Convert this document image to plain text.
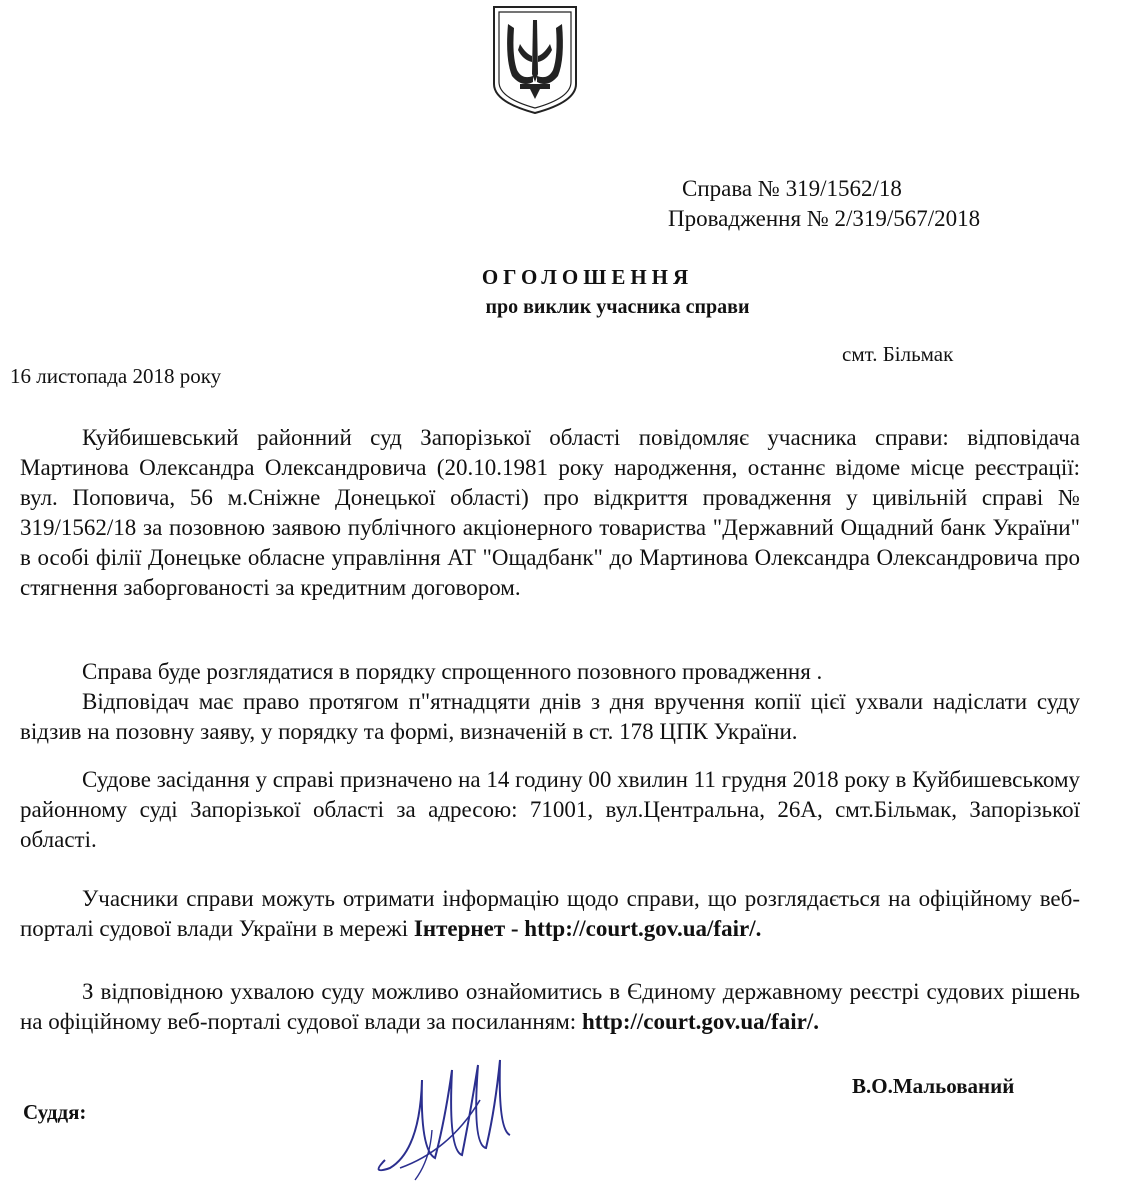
Справа № 319/1562/18
Провадження № 2/319/567/2018
ОГОЛОШЕННЯ
про виклик учасника справи
16 листопада 2018 року
смт. Більмак

Куйбишевський районний суд Запорізької області повідомляє учасника справи: відповідача Мартинова Олександра Олександровича (20.10.1981 року народження, останнє відоме місце реєстрації: вул. Поповича, 56 м.Сніжне Донецької області) про відкриття провадження у цивільній справі № 319/1562/18 за позовною заявою публічного акціонерного товариства "Державний Ощадний банк України" в особі філії Донецьке обласне управління АТ "Ощадбанк" до Мартинова Олександра Олександровича про стягнення заборгованості за кредитним договором.

Справа буде розглядатися в порядку спрощенного позовного провадження .

Відповідач має право протягом п"ятнадцяти днів з дня вручення копії цієї ухвали надіслати суду відзив на позовну заяву, у порядку та формі, визначеній в ст. 178 ЦПК України.

Судове засідання у справі призначено на 14 годину 00 хвилин 11 грудня 2018 року в Куйбишевському районному суді Запорізької області за адресою: 71001, вул.Центральна, 26А, смт.Більмак, Запорізької області.

Учасники справи можуть отримати інформацію щодо справи, що розглядається на офіційному веб-порталі судової влади України в мережі Інтернет - http://court.gov.ua/fair/.

З відповідною ухвалою суду можливо ознайомитись в Єдиному державному реєстрі судових рішень на офіційному веб-порталі судової влади за посиланням: http://court.gov.ua/fair/.

Суддя:
В.О.Мальований
